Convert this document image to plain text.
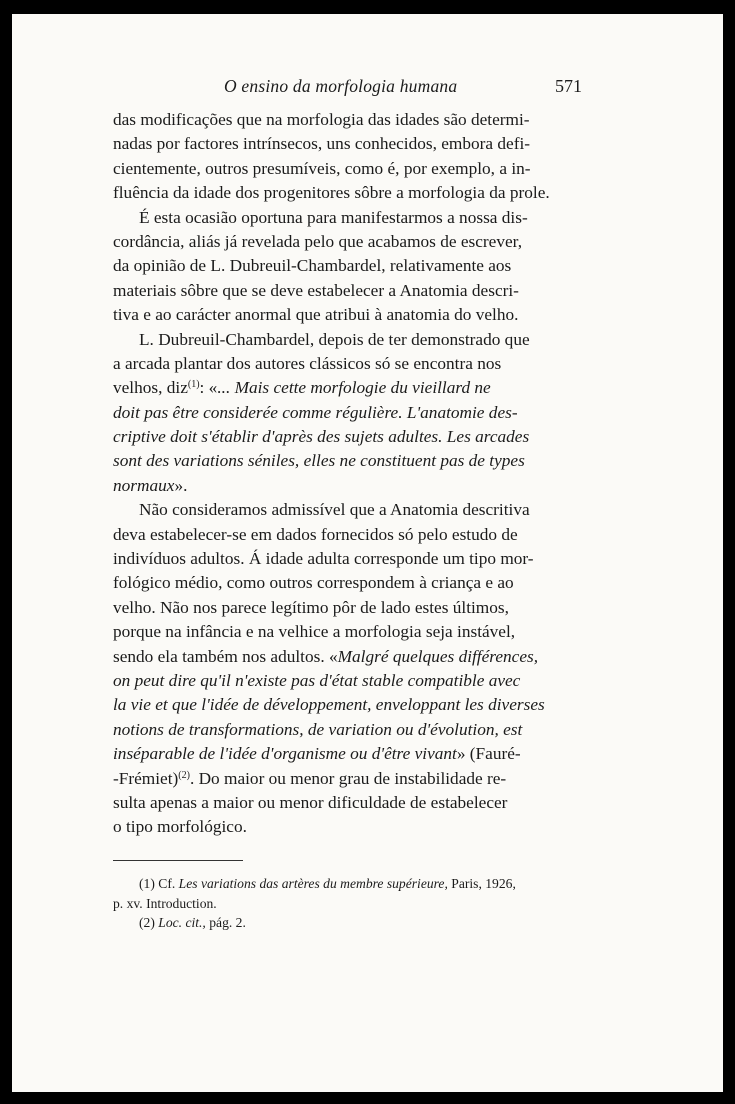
O ensino da morfologia humana	571
das modificações que na morfologia das idades são determi-
nadas por factores intrínsecos, uns conhecidos, embora defi-
cientemente, outros presumíveis, como é, por exemplo, a in-
fluência da idade dos progenitores sôbre a morfologia da prole.
É esta ocasião oportuna para manifestarmos a nossa dis-
cordância, aliás já revelada pelo que acabamos de escrever,
da opinião de L. Dubreuil-Chambardel, relativamente aos
materiais sôbre que se deve estabelecer a Anatomia descri-
tiva e ao carácter anormal que atribui à anatomia do velho.
L. Dubreuil-Chambardel, depois de ter demonstrado que
a arcada plantar dos autores clássicos só se encontra nos
velhos, diz$^{(1)}$: «... Mais cette morfologie du vieillard ne
doit pas être considerée comme régulière. L'anatomie des-
criptive doit s'établir d'après des sujets adultes. Les arcades
sont des variations séniles, elles ne constituent pas de types
normaux».
Não consideramos admissível que a Anatomia descritiva
deva estabelecer-se em dados fornecidos só pelo estudo de
indivíduos adultos. Á idade adulta corresponde um tipo mor-
fológico médio, como outros correspondem à criança e ao
velho. Não nos parece legítimo pôr de lado estes últimos,
porque na infância e na velhice a morfologia seja instável,
sendo ela também nos adultos. «Malgré quelques différences,
on peut dire qu'il n'existe pas d'état stable compatible avec
la vie et que l'idée de développement, enveloppant les diverses
notions de transformations, de variation ou d'évolution, est
inséparable de l'idée d'organisme ou d'être vivant» (Fauré-
-Frémiet)$^{(2)}$. Do maior ou menor grau de instabilidade re-
sulta apenas a maior ou menor dificuldade de estabelecer
o tipo morfológico.
(1) Cf. Les variations das artères du membre supérieure, Paris, 1926,
p. xv. Introduction.
(2) Loc. cit., pág. 2.
